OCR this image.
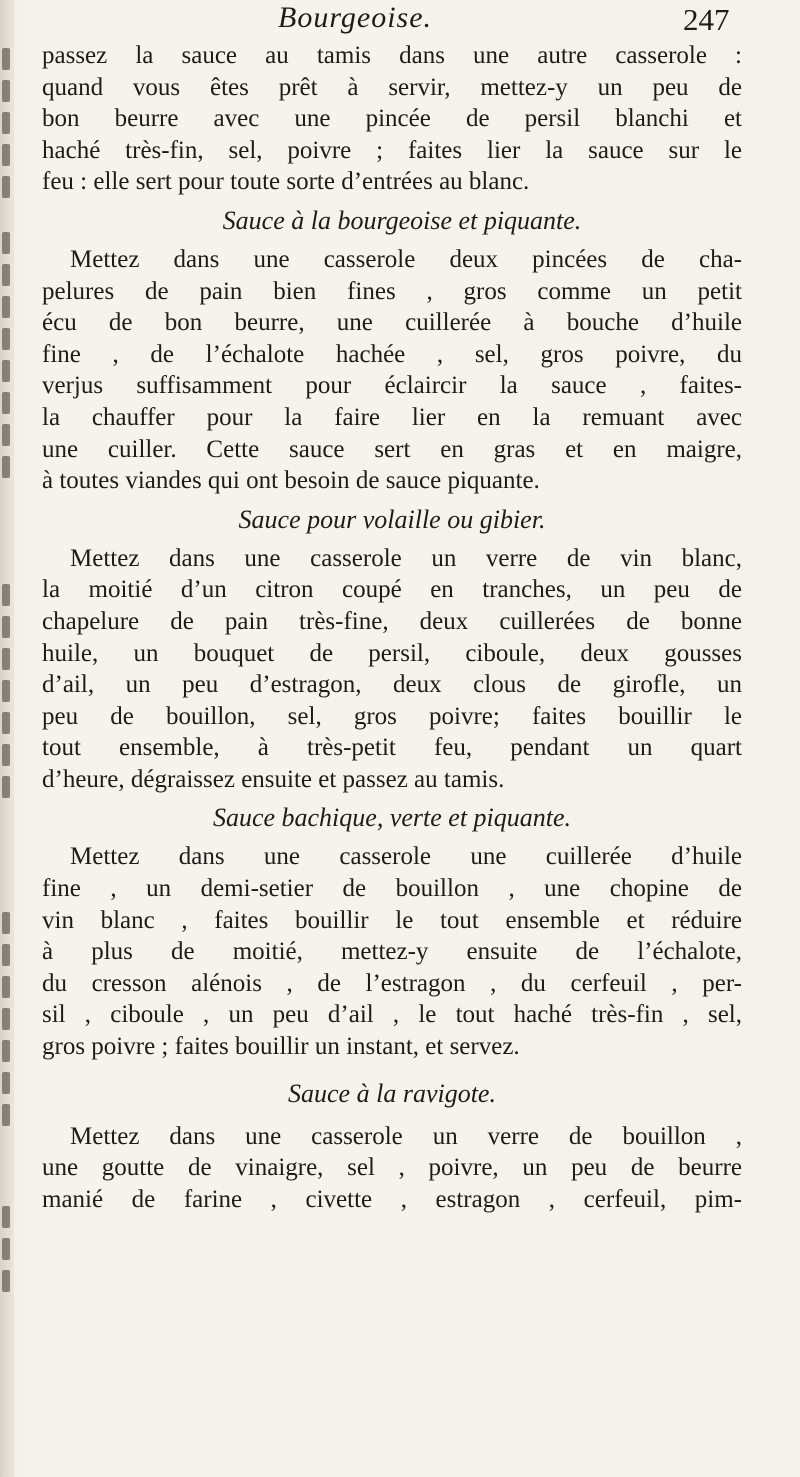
Bourgeoise.	247
passez la sauce au tamis dans une autre casserole :
quand vous êtes prêt à servir, mettez-y un peu de
bon beurre avec une pincée de persil blanchi et
haché très-fin, sel, poivre ; faites lier la sauce sur le
feu : elle sert pour toute sorte d’entrées au blanc.
Sauce à la bourgeoise et piquante.
Mettez dans une casserole deux pincées de cha-
pelures de pain bien fines , gros comme un petit
écu de bon beurre, une cuillerée à bouche d’huile
fine , de l’échalote hachée , sel, gros poivre, du
verjus suffisamment pour éclaircir la sauce , faites-
la chauffer pour la faire lier en la remuant avec
une cuiller. Cette sauce sert en gras et en maigre,
à toutes viandes qui ont besoin de sauce piquante.
Sauce pour volaille ou gibier.
Mettez dans une casserole un verre de vin blanc,
la moitié d’un citron coupé en tranches, un peu de
chapelure de pain très-fine, deux cuillerées de bonne
huile, un bouquet de persil, ciboule, deux gousses
d’ail, un peu d’estragon, deux clous de girofle, un
peu de bouillon, sel, gros poivre; faites bouillir le
tout ensemble, à très-petit feu, pendant un quart
d’heure, dégraissez ensuite et passez au tamis.
Sauce bachique, verte et piquante.
Mettez dans une casserole une cuillerée d’huile
fine , un demi-setier de bouillon , une chopine de
vin blanc , faites bouillir le tout ensemble et réduire
à plus de moitié, mettez-y ensuite de l’échalote,
du cresson alénois , de l’estragon , du cerfeuil , per-
sil , ciboule , un peu d’ail , le tout haché très-fin , sel,
gros poivre ; faites bouillir un instant, et servez.
Sauce à la ravigote.
Mettez dans une casserole un verre de bouillon ,
une goutte de vinaigre, sel , poivre, un peu de beurre
manié de farine , civette , estragon , cerfeuil, pim-
